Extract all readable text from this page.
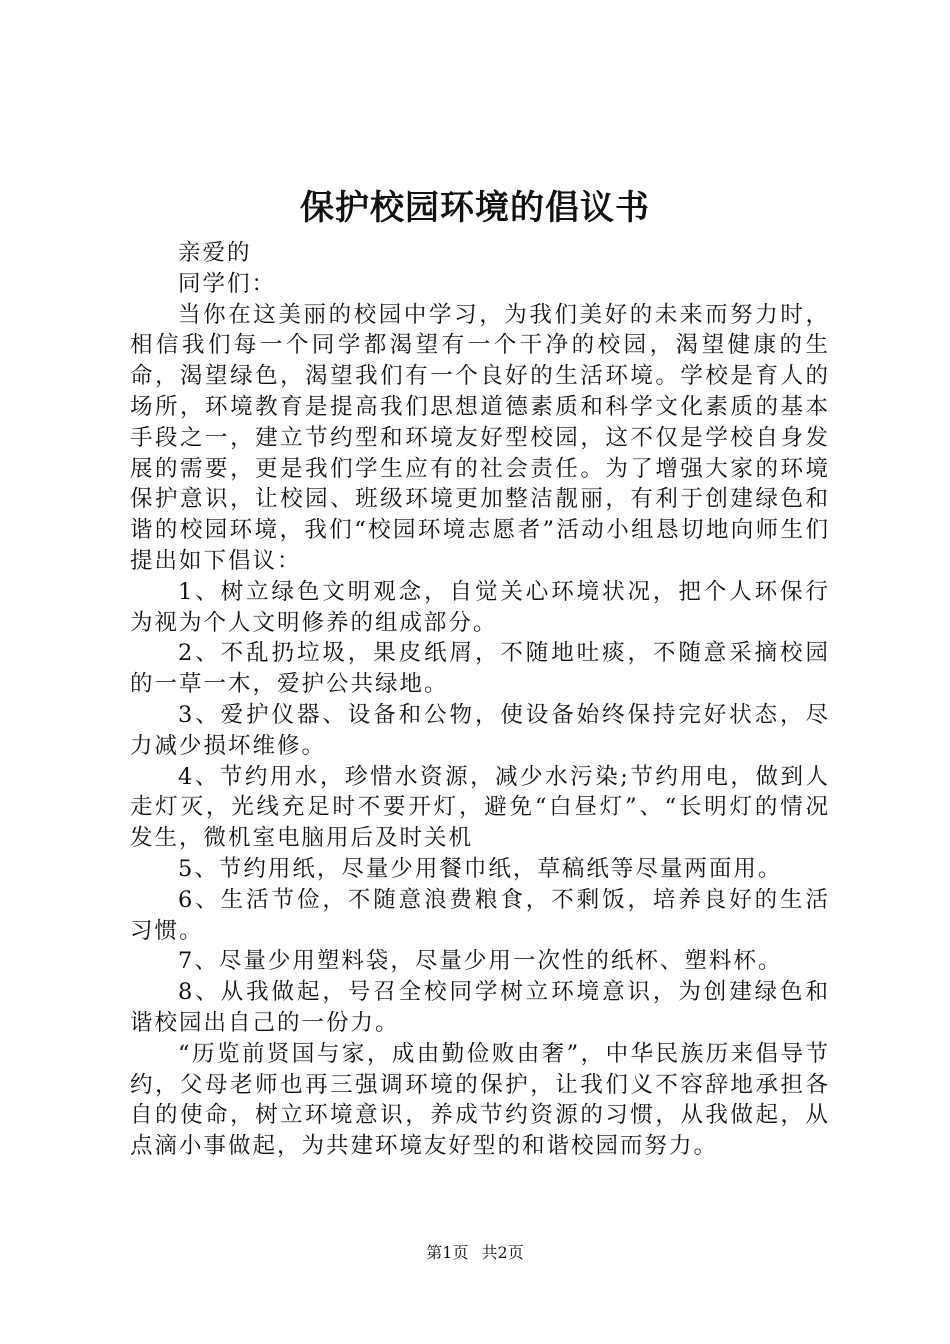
保护校园环境的倡议书

亲爱的

同学们：

当你在这美丽的校园中学习，为我们美好的未来而努力时，相信我们每一个同学都渴望有一个干净的校园，渴望健康的生命，渴望绿色，渴望我们有一个良好的生活环境。学校是育人的场所，环境教育是提高我们思想道德素质和科学文化素质的基本手段之一，建立节约型和环境友好型校园，这不仅是学校自身发展的需要，更是我们学生应有的社会责任。为了增强大家的环境保护意识，让校园、班级环境更加整洁靓丽，有利于创建绿色和谐的校园环境，我们“校园环境志愿者”活动小组恳切地向师生们提出如下倡议：

1、树立绿色文明观念，自觉关心环境状况，把个人环保行为视为个人文明修养的组成部分。

2、不乱扔垃圾，果皮纸屑，不随地吐痰，不随意采摘校园的一草一木，爱护公共绿地。

3、爱护仪器、设备和公物，使设备始终保持完好状态，尽力减少损坏维修。

4、节约用水，珍惜水资源，减少水污染;节约用电，做到人走灯灭，光线充足时不要开灯，避免“白昼灯”、“长明灯的情况发生，微机室电脑用后及时关机

5、节约用纸，尽量少用餐巾纸，草稿纸等尽量两面用。

6、生活节俭，不随意浪费粮食，不剩饭，培养良好的生活习惯。

7、尽量少用塑料袋，尽量少用一次性的纸杯、塑料杯。

8、从我做起，号召全校同学树立环境意识，为创建绿色和谐校园出自己的一份力。

“历览前贤国与家，成由勤俭败由奢”，中华民族历来倡导节约，父母老师也再三强调环境的保护，让我们义不容辞地承担各自的使命，树立环境意识，养成节约资源的习惯，从我做起，从点滴小事做起，为共建环境友好型的和谐校园而努力。

第1页 共2页
